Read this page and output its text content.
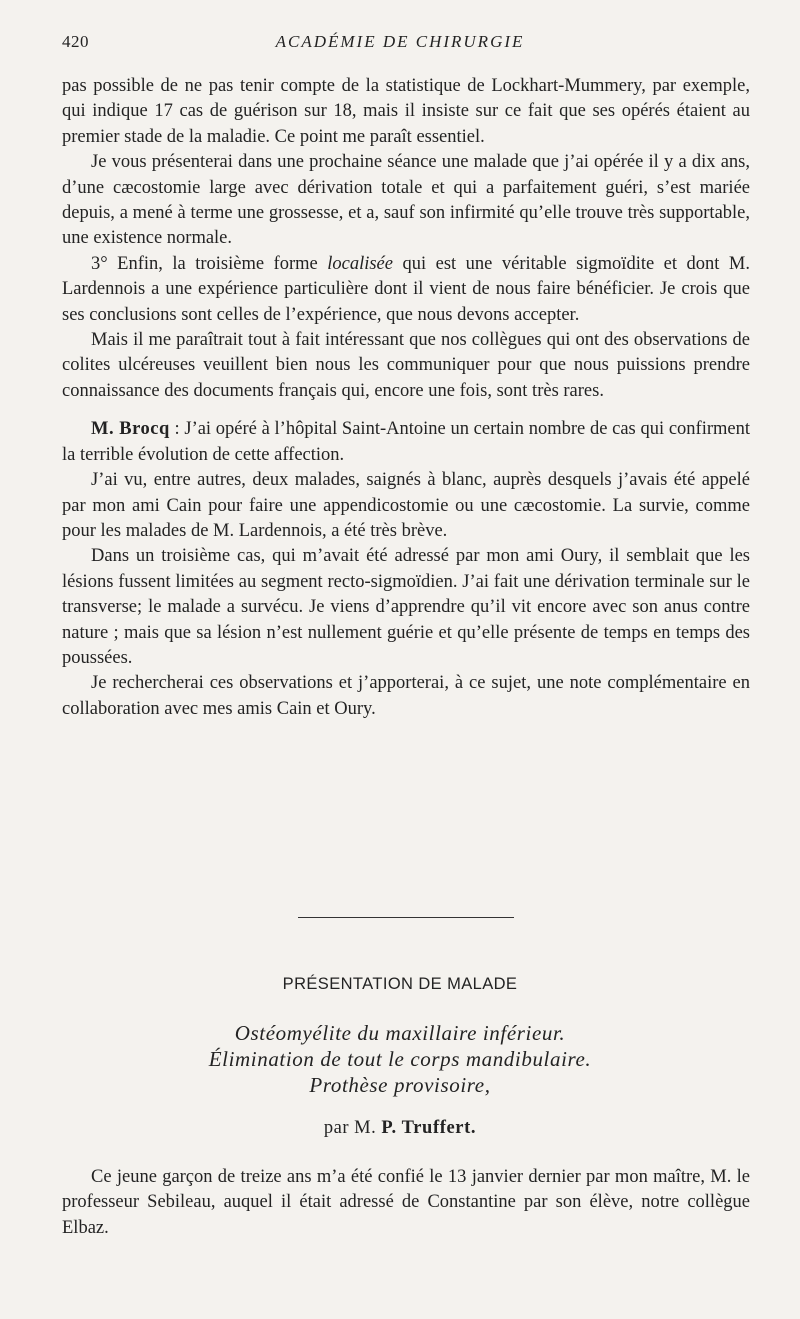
420	ACADÉMIE DE CHIRURGIE

pas possible de ne pas tenir compte de la statistique de Lockhart-Mummery, par exemple, qui indique 17 cas de guérison sur 18, mais il insiste sur ce fait que ses opérés étaient au premier stade de la maladie. Ce point me paraît essentiel.

Je vous présenterai dans une prochaine séance une malade que j’ai opérée il y a dix ans, d’une cæcostomie large avec dérivation totale et qui a parfaitement guéri, s’est mariée depuis, a mené à terme une grossesse, et a, sauf son infirmité qu’elle trouve très supportable, une existence normale.

3° Enfin, la troisième forme localisée qui est une véritable sigmoïdite et dont M. Lardennois a une expérience particulière dont il vient de nous faire bénéficier. Je crois que ses conclusions sont celles de l’expérience, que nous devons accepter.

Mais il me paraîtrait tout à fait intéressant que nos collègues qui ont des observations de colites ulcéreuses veuillent bien nous les communiquer pour que nous puissions prendre connaissance des documents français qui, encore une fois, sont très rares.

M. Brocq : J’ai opéré à l’hôpital Saint-Antoine un certain nombre de cas qui confirment la terrible évolution de cette affection.

J’ai vu, entre autres, deux malades, saignés à blanc, auprès desquels j’avais été appelé par mon ami Cain pour faire une appendicostomie ou une cæcostomie. La survie, comme pour les malades de M. Lardennois, a été très brève.

Dans un troisième cas, qui m’avait été adressé par mon ami Oury, il semblait que les lésions fussent limitées au segment recto-sigmoïdien. J’ai fait une dérivation terminale sur le transverse; le malade a survécu. Je viens d’apprendre qu’il vit encore avec son anus contre nature ; mais que sa lésion n’est nullement guérie et qu’elle présente de temps en temps des poussées.

Je rechercherai ces observations et j’apporterai, à ce sujet, une note complémentaire en collaboration avec mes amis Cain et Oury.

PRÉSENTATION DE MALADE
Ostéomyélite du maxillaire inférieur.
Élimination de tout le corps mandibulaire.
Prothèse provisoire,
par M. P. Truffert.

Ce jeune garçon de treize ans m’a été confié le 13 janvier dernier par mon maître, M. le professeur Sebileau, auquel il était adressé de Constantine par son élève, notre collègue Elbaz.
